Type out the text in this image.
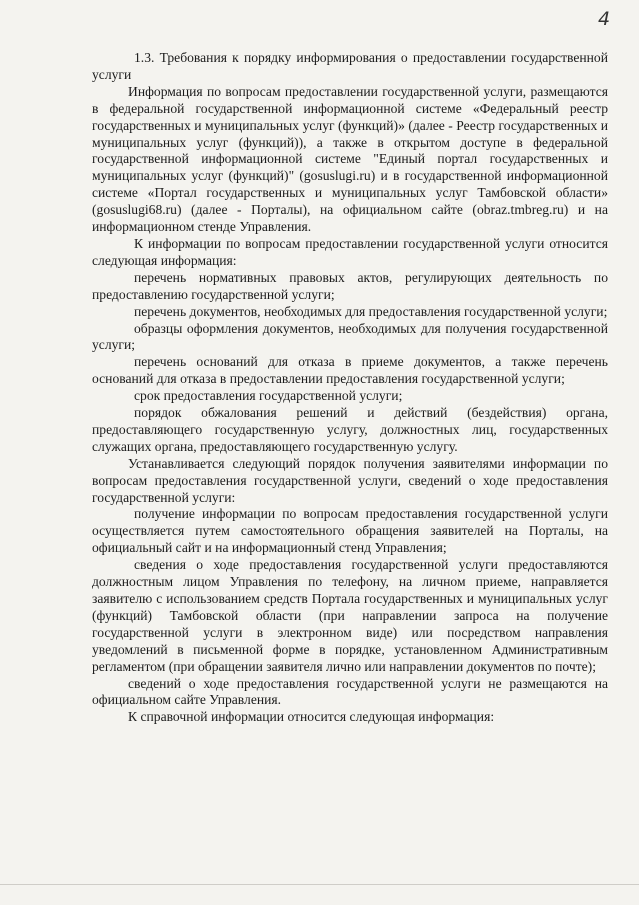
4

1.3. Требования к порядку информирования о предоставлении государственной услуги

Информация по вопросам предоставлении государственной услуги, размещаются в федеральной государственной информационной системе «Федеральный реестр государственных и муниципальных услуг (функций)» (далее - Реестр государственных и муниципальных услуг (функций)), а также в открытом доступе в федеральной государственной информационной системе "Единый портал государственных и муниципальных услуг (функций)" (gosuslugi.ru) и в государственной информационной системе «Портал государственных и муниципальных услуг Тамбовской области» (gosuslugi68.ru) (далее - Порталы), на официальном сайте (obraz.tmbreg.ru) и на информационном стенде Управления.

К информации по вопросам предоставлении государственной услуги относится следующая информация:

перечень нормативных правовых актов, регулирующих деятельность по предоставлению государственной услуги;

перечень документов, необходимых для предоставления государственной услуги;

образцы оформления документов, необходимых для получения государственной услуги;

перечень оснований для отказа в приеме документов, а также перечень оснований для отказа в предоставлении предоставления государственной услуги;

срок предоставления государственной услуги;

порядок обжалования решений и действий (бездействия) органа, предоставляющего государственную услугу, должностных лиц, государственных служащих органа, предоставляющего государственную услугу.

Устанавливается следующий порядок получения заявителями информации по вопросам предоставления государственной услуги, сведений о ходе предоставления государственной услуги:

получение информации по вопросам предоставления государственной услуги осуществляется путем самостоятельного обращения заявителей на Порталы, на официальный сайт и на информационный стенд Управления;

сведения о ходе предоставления государственной услуги предоставляются должностным лицом Управления по телефону, на личном приеме, направляется заявителю с использованием средств Портала государственных и муниципальных услуг (функций) Тамбовской области (при направлении запроса на получение государственной услуги в электронном виде) или посредством направления уведомлений в письменной форме в порядке, установленном Административным регламентом (при обращении заявителя лично или направлении документов по почте);

сведений о ходе предоставления государственной услуги не размещаются на официальном сайте Управления.

К справочной информации относится следующая информация:
